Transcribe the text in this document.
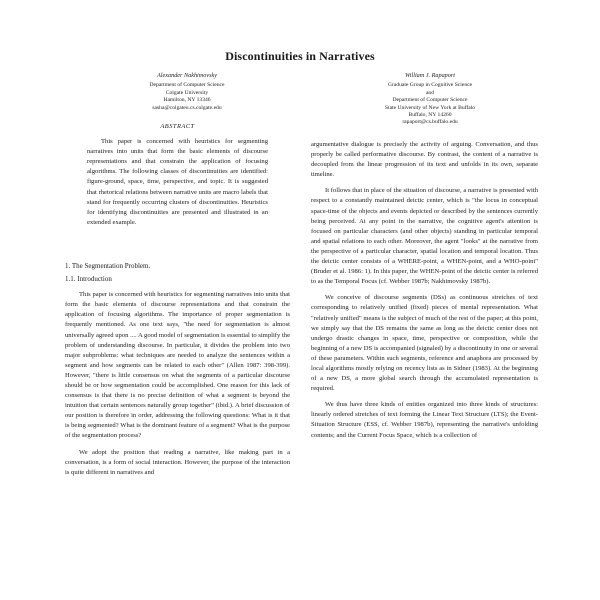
Discontinuities in Narratives
Alexander Nakhimovsky
Department of Computer Science
Colgate University
Hamilton, NY 13346
sasha@colgateu.cs.colgate.edu
William J. Rapaport
Graduate Group in Cognitive Science
and
Department of Computer Science
State University of New York at Buffalo
Buffalo, NY 14260
rapaport@cs.buffalo.edu
ABSTRACT

This paper is concerned with heuristics for segmenting narratives into units that form the basic elements of discourse representations and that constrain the application of focusing algorithms. The following classes of discontinuities are identified: figure-ground, space, time, perspective, and topic. It is suggested that rhetorical relations between narrative units are macro labels that stand for frequently occurring clusters of discontinuities. Heuristics for identifying discontinuities are presented and illustrated in an extended example.

1. The Segmentation Problem.
1.1. Introduction

This paper is concerned with heuristics for segmenting narratives into units that form the basic elements of discourse representations and that constrain the application of focusing algorithms. The importance of proper segmentation is frequently mentioned. As one text says, "the need for segmentation is almost universally agreed upon .... A good model of segmentation is essential to simplify the problem of understanding discourse. In particular, it divides the problem into two major subproblems: what techniques are needed to analyze the sentences within a segment and how segments can be related to each other" (Allen 1987: 398-399). However, "there is little consensus on what the segments of a particular discourse should be or how segmentation could be accomplished. One reason for this lack of consensus is that there is no precise definition of what a segment is beyond the intuition that certain sentences naturally group together" (ibid.). A brief discussion of our position is therefore in order, addressing the following questions: What is it that is being segmented? What is the dominant feature of a segment? What is the purpose of the segmentation process?

We adopt the position that reading a narrative, like making part in a conversation, is a form of social interaction. However, the purpose of the interaction is quite different in narratives and

argumentative dialogue is precisely the activity of arguing. Conversation, and thus properly be called performative discourse. By contrast, the content of a narrative is decoupled from the linear progression of its text and unfolds in its own, separate timeline.

It follows that in place of the situation of discourse, a narrative is presented with respect to a constantly maintained deictic center, which is "the locus in conceptual space-time of the objects and events depicted or described by the sentences currently being perceived. At any point in the narrative, the cognitive agent's attention is focused on particular characters (and other objects) standing in particular temporal and spatial relations to each other. Moreover, the agent "looks" at the narrative from the perspective of a particular character, spatial location and temporal location. Thus the deictic center consists of a WHERE-point, a WHEN-point, and a WHO-point" (Bruder et al. 1986: 1). In this paper, the WHEN-point of the deictic center is referred to as the Temporal Focus (cf. Webber 1987b; Nakhimovsky 1987b).

We conceive of discourse segments (DSs) as continuous stretches of text corresponding to relatively unified (fixed) pieces of mental representation. What "relatively unified" means is the subject of much of the rest of the paper; at this point, we simply say that the DS remains the same as long as the deictic center does not undergo drastic changes in space, time, perspective or composition, while the beginning of a new DS is accompanied (signaled) by a discontinuity in one or several of these parameters. Within such segments, reference and anaphora are processed by local algorithms mostly relying on recency lists as in Sidner (1983). At the beginning of a new DS, a more global search through the accumulated representation is required.

We thus have three kinds of entities organized into three kinds of structures: linearly ordered stretches of text forming the Linear Text Structure (LTS); the Event-Situation Structure (ESS, cf. Webber 1987b), representing the narrative's unfolding contents; and the Current Focus Space, which is a collection of
